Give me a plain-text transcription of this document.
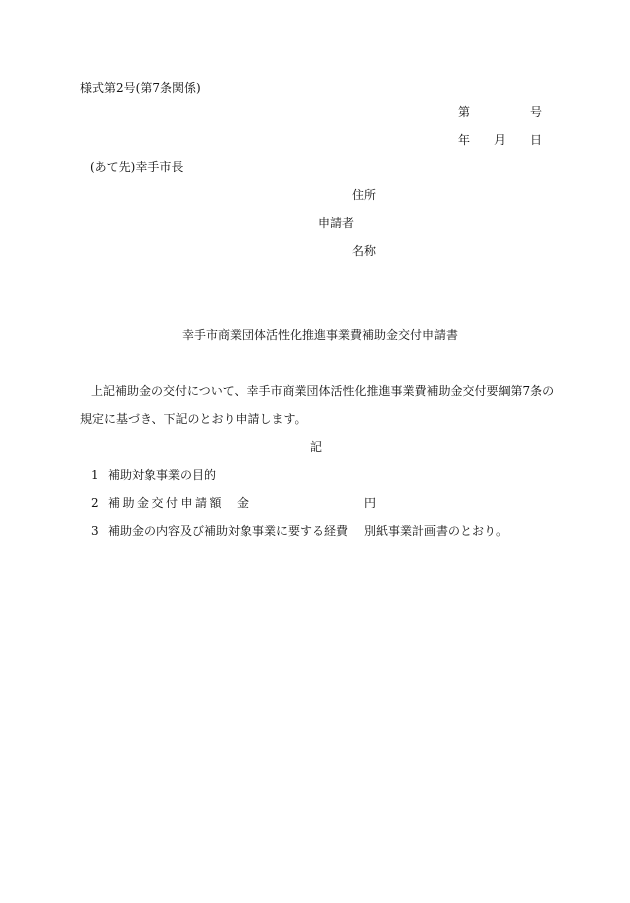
様式第2号(第7条関係)
第	号
年 月 日
(あて先)幸手市長
住所
申請者
名称
幸手市商業団体活性化推進事業費補助金交付申請書
上記補助金の交付について、幸手市商業団体活性化推進事業費補助金交付要綱第7条の
規定に基づき、下記のとおり申請します。
記
1 補助対象事業の目的
2 補助金交付申請額 金	円
3 補助金の内容及び補助対象事業に要する経費 別紙事業計画書のとおり。
